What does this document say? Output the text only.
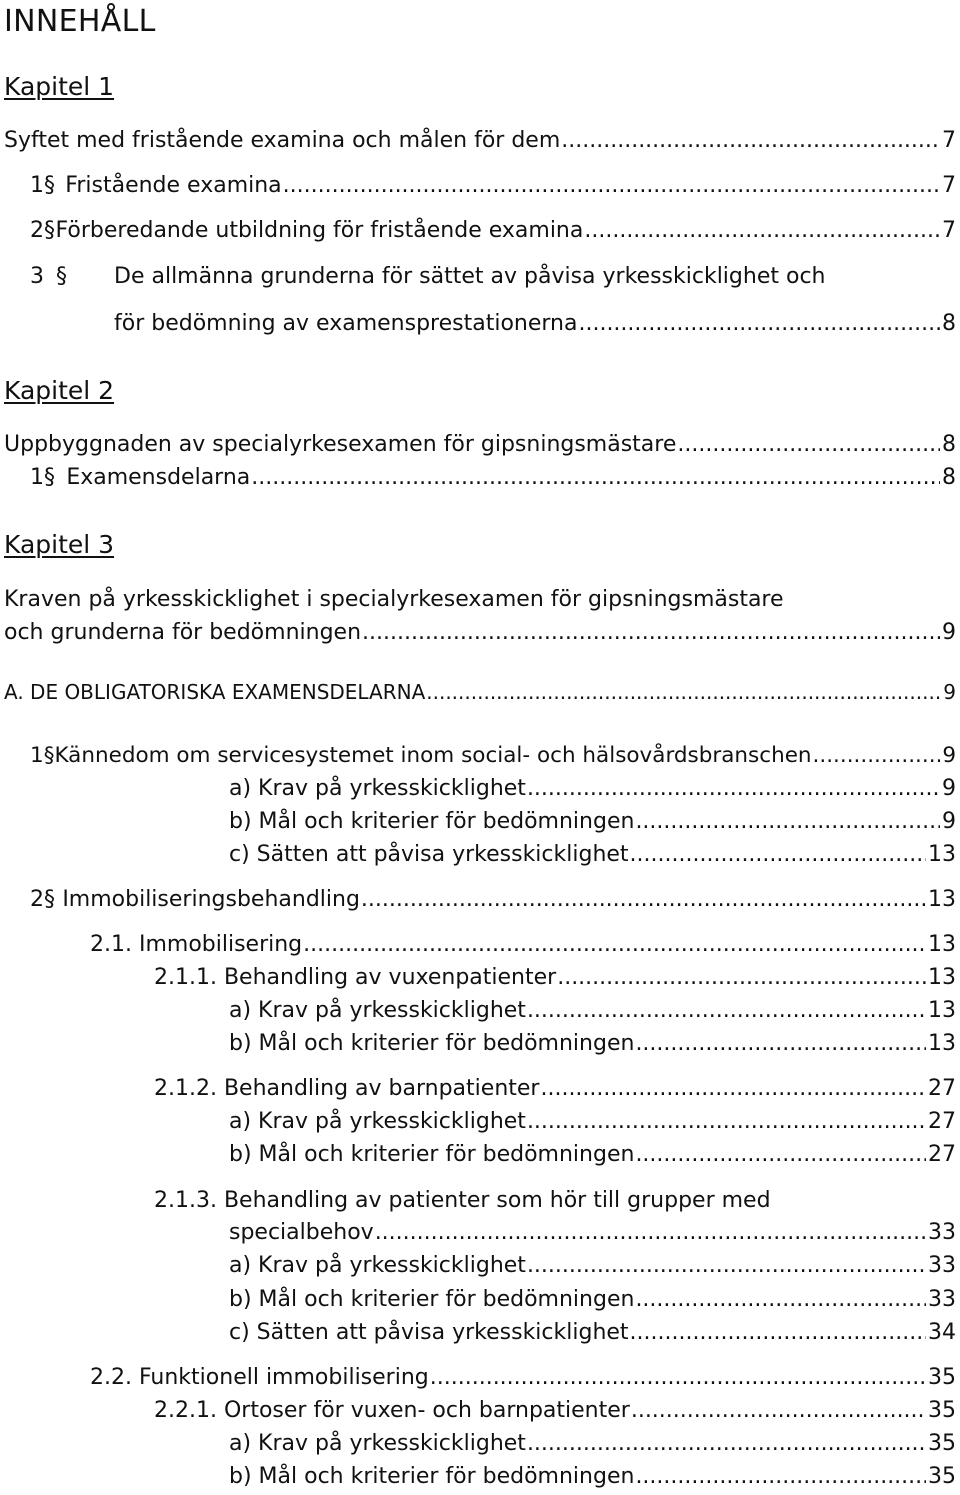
INNEHÅLL
Kapitel 1
Syftet med fristående examina och målen för dem .....	7
1 § Fristående examina .....	7
2 § Förberedande utbildning för fristående examina .....	7
3 § De allmänna grunderna för sättet av påvisa yrkesskicklighet och
för bedömning av examensprestationerna .....	8
Kapitel 2
Uppbyggnaden av specialyrkesexamen för gipsningsmästare .....	8
1 § Examensdelarna .....	8
Kapitel 3
Kraven på yrkesskicklighet i specialyrkesexamen för gipsningsmästare
och grunderna för bedömningen .....	9
A. DE OBLIGATORISKA EXAMENSDELARNA .....	9
1 § Kännedom om servicesystemet inom social- och hälsovårdsbranschen .....	9
a) Krav på yrkesskicklighet .....	9
b) Mål och kriterier för bedömningen .....	9
c) Sätten att påvisa yrkesskicklighet .....	13
2 § Immobiliseringsbehandling .....	13
2.1. Immobilisering .....	13
2.1.1. Behandling av vuxenpatienter .....	13
a) Krav på yrkesskicklighet .....	13
b) Mål och kriterier för bedömningen .....	13
2.1.2. Behandling av barnpatienter .....	27
a) Krav på yrkesskicklighet .....	27
b) Mål och kriterier för bedömningen .....	27
2.1.3. Behandling av patienter som hör till grupper med
specialbehov .....	33
a) Krav på yrkesskicklighet .....	33
b) Mål och kriterier för bedömningen .....	33
c) Sätten att påvisa yrkesskicklighet .....	34
2.2. Funktionell immobilisering .....	35
2.2.1. Ortoser för vuxen- och barnpatienter .....	35
a) Krav på yrkesskicklighet .....	35
b) Mål och kriterier för bedömningen .....	35
